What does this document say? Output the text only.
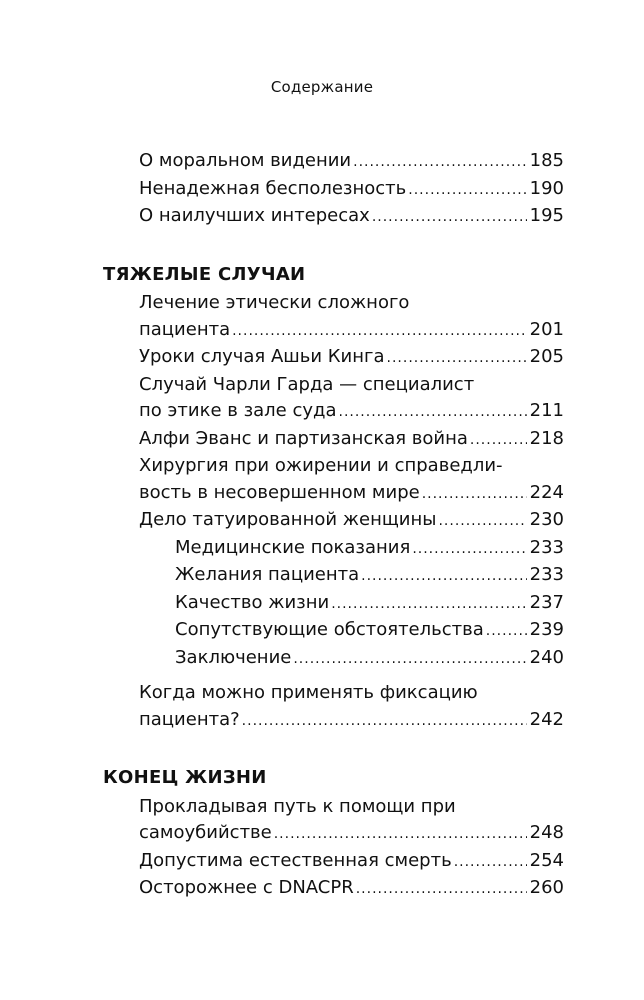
Содержание
О моральном видении .....	185
Ненадежная бесполезность .....	190
О наилучших интересах .....	195
ТЯЖЕЛЫЕ СЛУЧАИ
Лечение этически сложного
пациента .....	201
Уроки случая Ашьи Кинга .....	205
Случай Чарли Гарда — специалист
по этике в зале суда .....	211
Алфи Эванс и партизанская война .....	218
Хирургия при ожирении и справедли-
вость в несовершенном мире .....	224
Дело татуированной женщины .....	230
Медицинские показания .....	233
Желания пациента .....	233
Качество жизни .....	237
Сопутствующие обстоятельства .....	239
Заключение .....	240
Когда можно применять фиксацию
пациента? .....	242
КОНЕЦ ЖИЗНИ
Прокладывая путь к помощи при
самоубийстве .....	248
Допустима естественная смерть .....	254
Осторожнее с DNACPR .....	260
